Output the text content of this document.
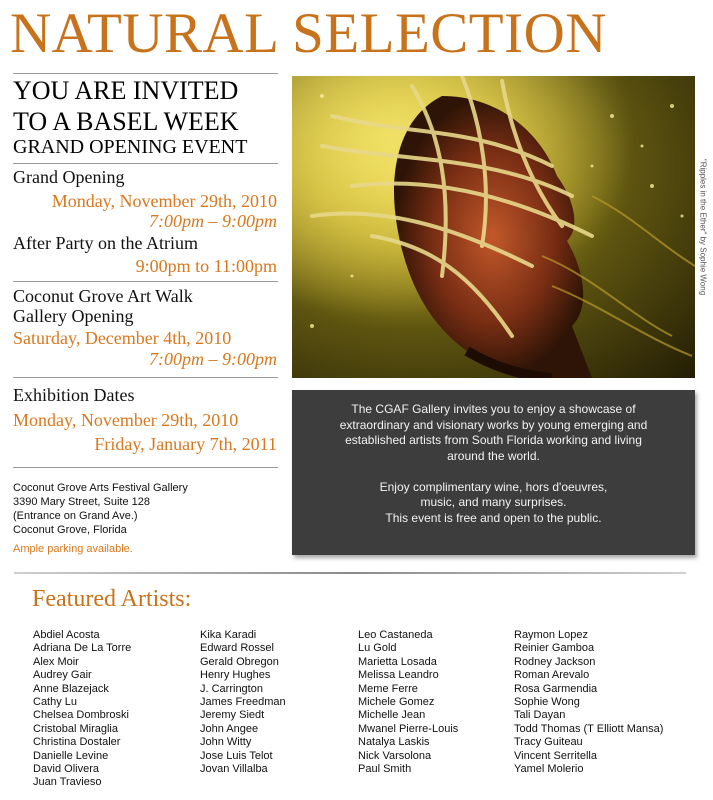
NATURAL SELECTION
YOU ARE INVITED
TO A BASEL WEEK
GRAND OPENING EVENT
Grand Opening
Monday, November 29th, 2010
7:00pm – 9:00pm
After Party on the Atrium
9:00pm to 11:00pm
Coconut Grove Art Walk
Gallery Opening
Saturday, December 4th, 2010
7:00pm – 9:00pm
Exhibition Dates
Monday, November 29th, 2010
Friday, January 7th, 2011
Coconut Grove Arts Festival Gallery
3390 Mary Street, Suite 128
(Entrance on Grand Ave.)
Coconut Grove, Florida
Ample parking available.
"Ripples in the Ether" by Sophie Wong

The CGAF Gallery invites you to enjoy a showcase of

extraordinary and visionary works by young emerging and

established artists from South Florida working and living

around the world.

Enjoy complimentary wine, hors d'oeuvres,

music, and many surprises.

This event is free and open to the public.

Featured Artists:
Abdiel Acosta
Adriana De La Torre
Alex Moir
Audrey Gair
Anne Blazejack
Cathy Lu
Chelsea Dombroski
Cristobal Miraglia
Christina Dostaler
Danielle Levine
David Olivera
Juan Travieso
Kika Karadi
Edward Rossel
Gerald Obregon
Henry Hughes
J. Carrington
James Freedman
Jeremy Siedt
John Angee
John Witty
Jose Luis Telot
Jovan Villalba
Leo Castaneda
Lu Gold
Marietta Losada
Melissa Leandro
Meme Ferre
Michele Gomez
Michelle Jean
Mwanel Pierre-Louis
Natalya Laskis
Nick Varsolona
Paul Smith
Raymon Lopez
Reinier Gamboa
Rodney Jackson
Roman Arevalo
Rosa Garmendia
Sophie Wong
Tali Dayan
Todd Thomas (T Elliott Mansa)
Tracy Guiteau
Vincent Serritella
Yamel Molerio
